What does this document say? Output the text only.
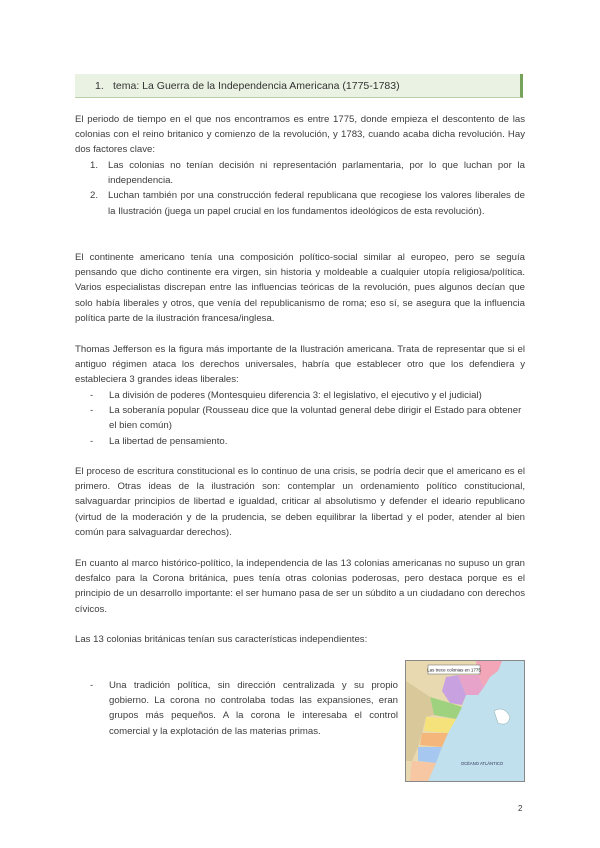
1. tema: La Guerra de la Independencia Americana (1775-1783)

El periodo de tiempo en el que nos encontramos es entre 1775, donde empieza el descontento de las colonias con el reino britanico y comienzo de la revolución, y 1783, cuando acaba dicha revolución. Hay dos factores clave:

1.	Las colonias no tenían decisión ni representación parlamentaria, por lo que luchan por la independencia.
2.	Luchan también por una construcción federal republicana que recogiese los valores liberales de la Ilustración (juega un papel crucial en los fundamentos ideológicos de esta revolución).

El continente americano tenía una composición político-social similar al europeo, pero se seguía pensando que dicho continente era virgen, sin historia y moldeable a cualquier utopía religiosa/política. Varios especialistas discrepan entre las influencias teóricas de la revolución, pues algunos decían que solo había liberales y otros, que venía del republicanismo de roma; eso sí, se asegura que la influencia política parte de la ilustración francesa/inglesa.

Thomas Jefferson es la figura más importante de la Ilustración americana. Trata de representar que si el antiguo régimen ataca los derechos universales, habría que establecer otro que los defendiera y estableciera 3 grandes ideas liberales:

-	La división de poderes (Montesquieu diferencia 3: el legislativo, el ejecutivo y el judicial)
-	La soberanía popular (Rousseau dice que la voluntad general debe dirigir el Estado para obtener el bien común)
-	La libertad de pensamiento.

El proceso de escritura constitucional es lo continuo de una crisis, se podría decir que el americano es el primero. Otras ideas de la ilustración son: contemplar un ordenamiento político constitucional, salvaguardar principios de libertad e igualdad, criticar al absolutismo y defender el ideario republicano (virtud de la moderación y de la prudencia, se deben equilibrar la libertad y el poder, atender al bien común para salvaguardar derechos).

En cuanto al marco histórico-político, la independencia de las 13 colonias americanas no supuso un gran desfalco para la Corona británica, pues tenía otras colonias poderosas, pero destaca porque es el principio de un desarrollo importante: el ser humano pasa de ser un súbdito a un ciudadano con derechos cívicos.

Las 13 colonias británicas tenían sus características independientes:

-	Una tradición política, sin dirección centralizada y su propio gobierno. La corona no controlaba todas las expansiones, eran grupos más pequeños. A la corona le interesaba el control comercial y la explotación de las materias primas.
Las trece colonias en 1775
OCÉANO ATLÁNTICO
2
